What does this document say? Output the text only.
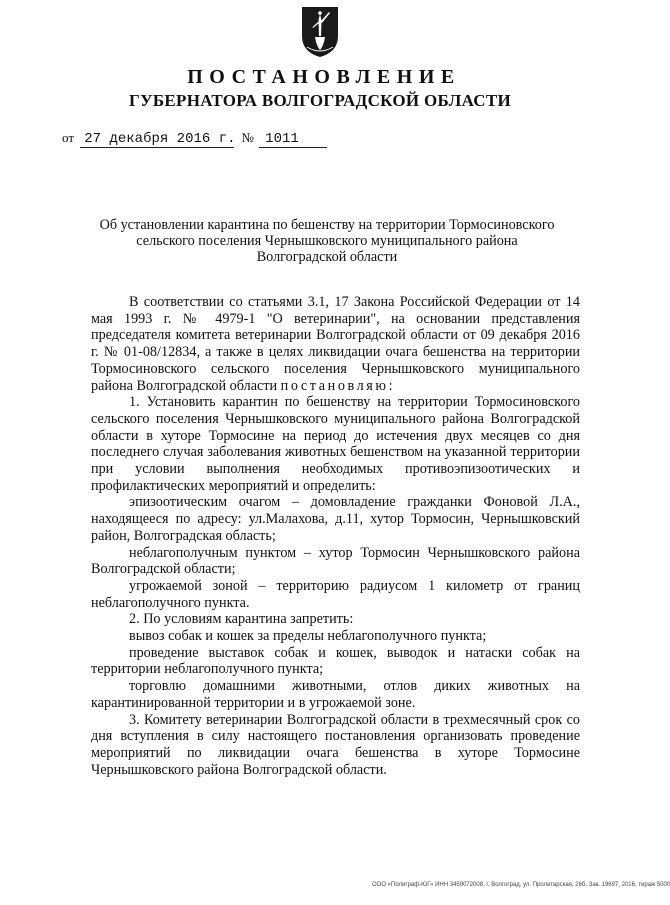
ПОСТАНОВЛЕНИЕ
ГУБЕРНАТОРА ВОЛГОГРАДСКОЙ ОБЛАСТИ
от 27 декабря 2016 г. № 1011
Об установлении карантина по бешенству на территории Тормосиновского сельского поселения Чернышковского муниципального района Волгоградской области

В соответствии со статьями 3.1, 17 Закона Российской Федерации от 14 мая 1993 г. № 4979-1 "О ветеринарии", на основании представления председателя комитета ветеринарии Волгоградской области от 09 декабря 2016 г. № 01-08/12834, а также в целях ликвидации очага бешенства на территории Тормосиновского сельского поселения Чернышковского муниципального района Волгоградской области постановляю:

1. Установить карантин по бешенству на территории Тормосиновского сельского поселения Чернышковского муниципального района Волгоградской области в хуторе Тормосине на период до истечения двух месяцев со дня последнего случая заболевания животных бешенством на указанной территории при условии выполнения необходимых противоэпизоотических и профилактических мероприятий и определить:

эпизоотическим очагом – домовладение гражданки Фоновой Л.А., находящееся по адресу: ул.Малахова, д.11, хутор Тормосин, Чернышковский район, Волгоградская область;

неблагополучным пунктом – хутор Тормосин Чернышковского района Волгоградской области;

угрожаемой зоной – территорию радиусом 1 километр от границ неблагополучного пункта.

2. По условиям карантина запретить:

вывоз собак и кошек за пределы неблагополучного пункта;

проведение выставок собак и кошек, выводок и натаски собак на территории неблагополучного пункта;

торговлю домашними животными, отлов диких животных на карантинированной территории и в угрожаемой зоне.

3. Комитету ветеринарии Волгоградской области в трехмесячный срок со дня вступления в силу настоящего постановления организовать проведение мероприятий по ликвидации очага бешенства в хуторе Тормосине Чернышковского района Волгоградской области.

ООО «Полиграф-ЮГ» ИНН 3459072008, г. Волгоград, ул. Пролетарская, 26б. Зак. 19697, 2016, тираж 5000
